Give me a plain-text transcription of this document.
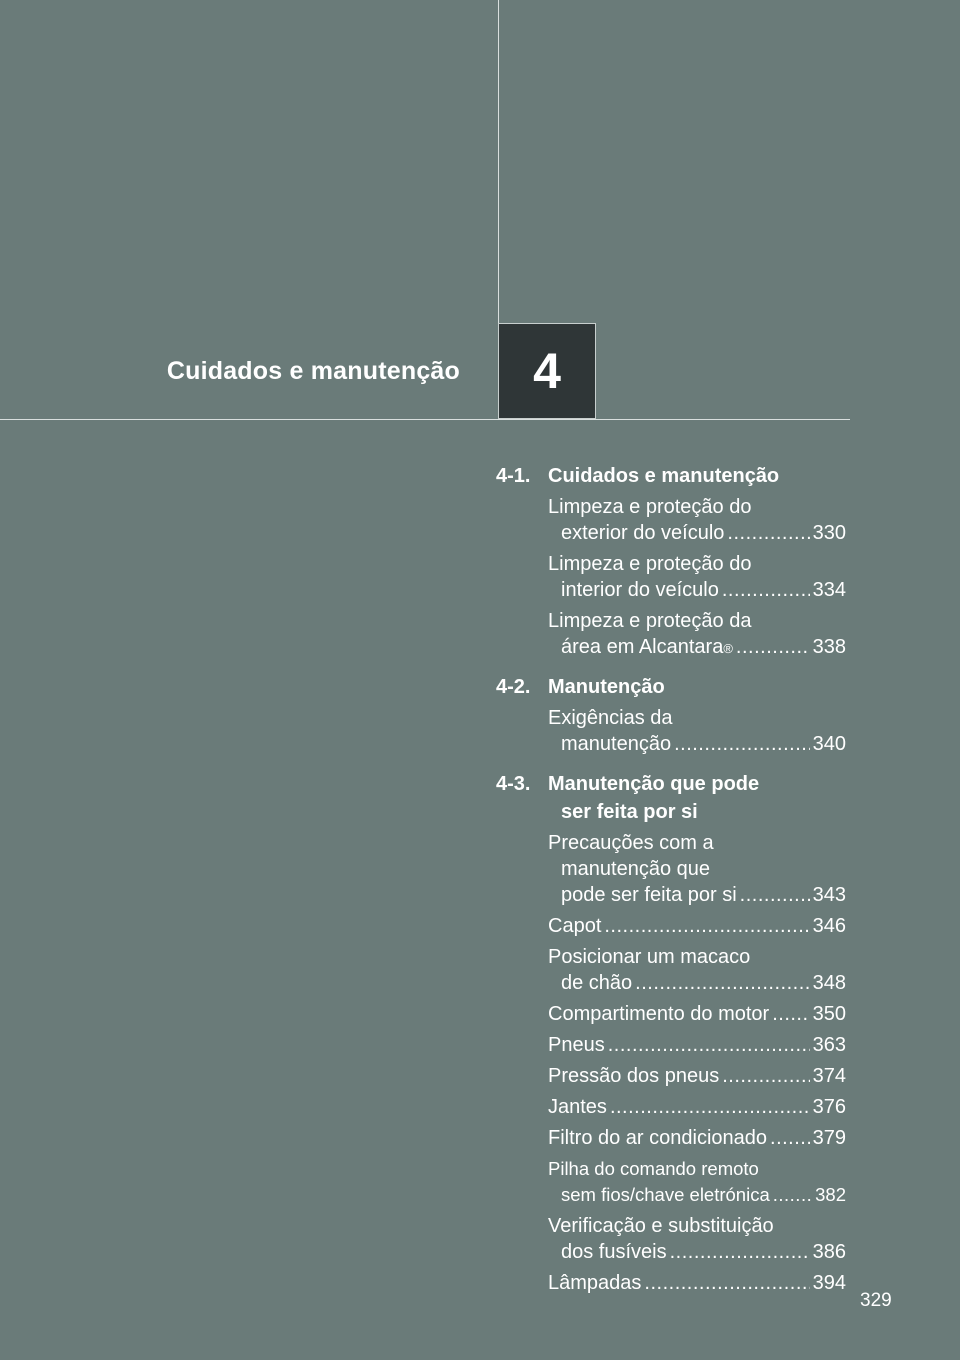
4
Cuidados e manutenção
4-1. Cuidados e manutenção
Limpeza e proteção do
exterior do veículo .....	330
Limpeza e proteção do
interior do veículo .....	334
Limpeza e proteção da
área em Alcantara ® .....	338
4-2. Manutenção
Exigências da
manutenção .....	340
4-3. Manutenção que pode
ser feita por si
Precauções com a
manutenção que
pode ser feita por si .....	343
Capot .....	346
Posicionar um macaco
de chão .....	348
Compartimento do motor ..... 350
Pneus .....	363
Pressão dos pneus .....	374
Jantes .....	376
Filtro do ar condicionado ..... 379
Pilha do comando remoto
sem fios/chave eletrónica ..... 382
Verificação e substituição
dos fusíveis .....	386
Lâmpadas .....	394
329
